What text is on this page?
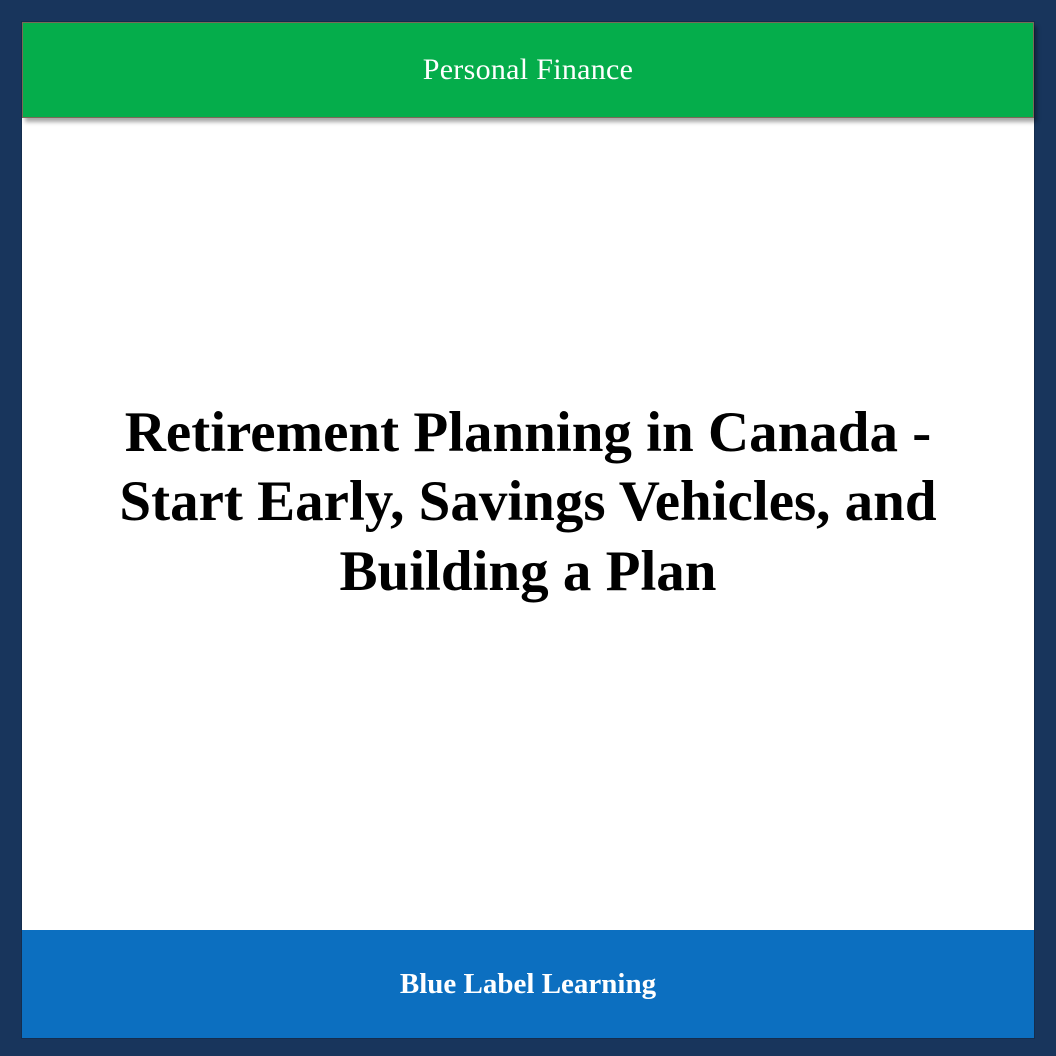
Personal Finance
Retirement Planning in Canada - Start Early, Savings Vehicles, and Building a Plan
Blue Label Learning
